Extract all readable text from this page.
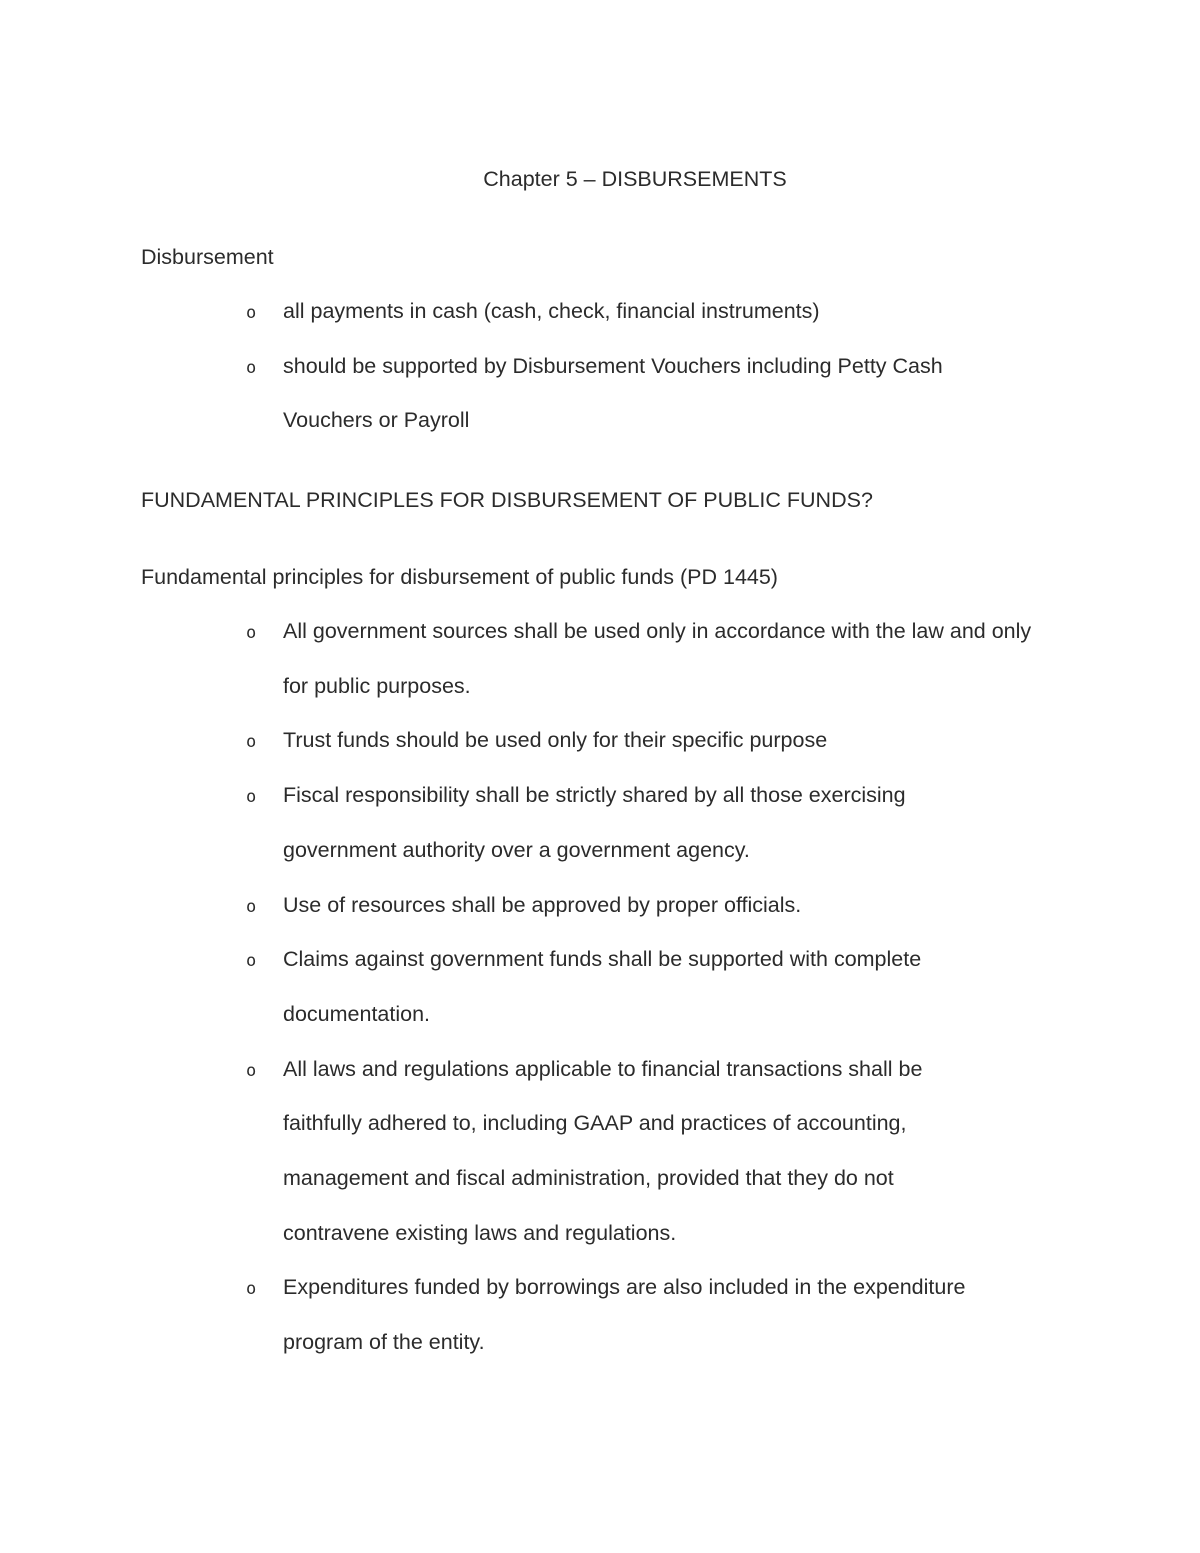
Chapter 5 – DISBURSEMENTS
Disbursement
o all payments in cash (cash, check, financial instruments)
o should be supported by Disbursement Vouchers including Petty Cash Vouchers or Payroll
FUNDAMENTAL PRINCIPLES FOR DISBURSEMENT OF PUBLIC FUNDS?
Fundamental principles for disbursement of public funds (PD 1445)
o All government sources shall be used only in accordance with the law and only for public purposes.
o Trust funds should be used only for their specific purpose
o Fiscal responsibility shall be strictly shared by all those exercising government authority over a government agency.
o Use of resources shall be approved by proper officials.
o Claims against government funds shall be supported with complete documentation.
o All laws and regulations applicable to financial transactions shall be faithfully adhered to, including GAAP and practices of accounting, management and fiscal administration, provided that they do not contravene existing laws and regulations.
o Expenditures funded by borrowings are also included in the expenditure program of the entity.
